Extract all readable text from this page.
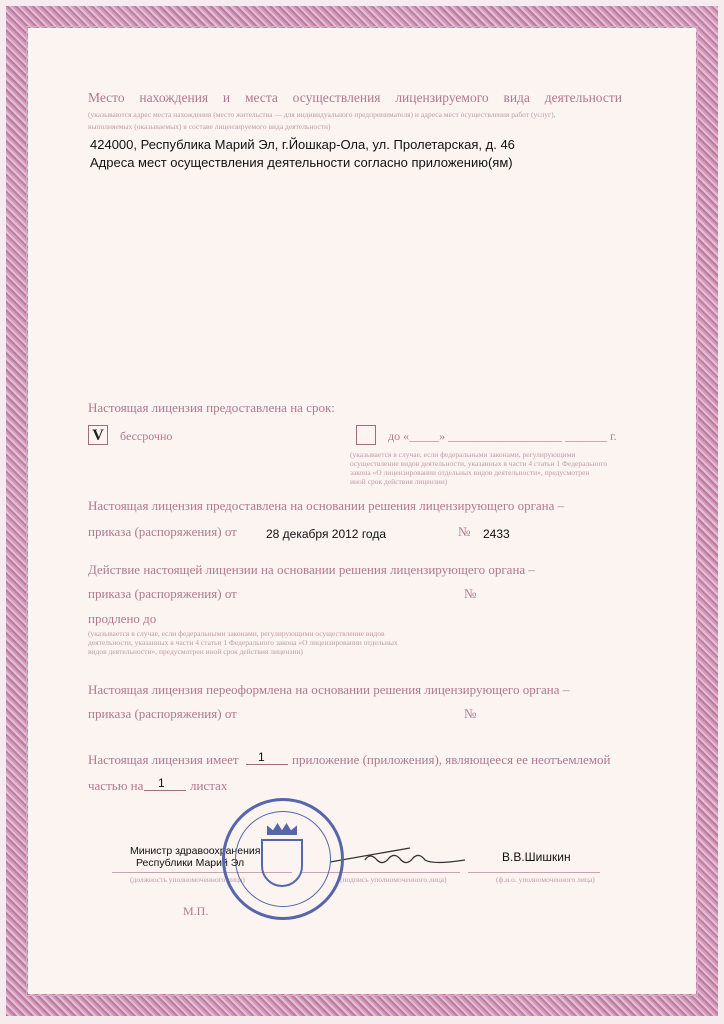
Место нахождения и места осуществления лицензируемого вида деятельности
(указываются адрес места нахождения (место жительства — для индивидуального предпринимателя) и адреса мест осуществления работ (услуг),
выполняемых (оказываемых) в составе лицензируемого вида деятельности)
424000, Республика Марий Эл, г.Йошкар-Ола, ул. Пролетарская, д. 46
Адреса мест осуществления деятельности согласно приложению(ям)
Настоящая лицензия предоставлена на срок:
V	бессрочно	до «_____» ___________________ _______ г.
(указывается в случае, если федеральными законами, регулирующими
осуществление видов деятельности, указанных в части 4 статьи 1 Федерального
закона «О лицензировании отдельных видов деятельности», предусмотрен
иной срок действия лицензии)
Настоящая лицензия предоставлена на основании решения лицензирующего органа –
приказа (распоряжения) от 28 декабря 2012 года	№ 2433
Действие настоящей лицензии на основании решения лицензирующего органа –
приказа (распоряжения) от	№
продлено до
(указывается в случае, если федеральными законами, регулирующими осуществление видов
деятельности, указанных в части 4 статьи 1 Федерального закона «О лицензировании отдельных
видов деятельности», предусмотрен иной срок действия лицензии)
Настоящая лицензия переоформлена на основании решения лицензирующего органа –
приказа (распоряжения) от	№
Настоящая лицензия имеет	1	приложение (приложения), являющееся ее неотъемлемой
частью на	1	листах
Министр здравоохранения
Республики Марий Эл	В.В.Шишкин
(должность уполномоченного лица)	(подпись уполномоченного лица)	(ф.и.о. уполномоченного лица)
М.П.
